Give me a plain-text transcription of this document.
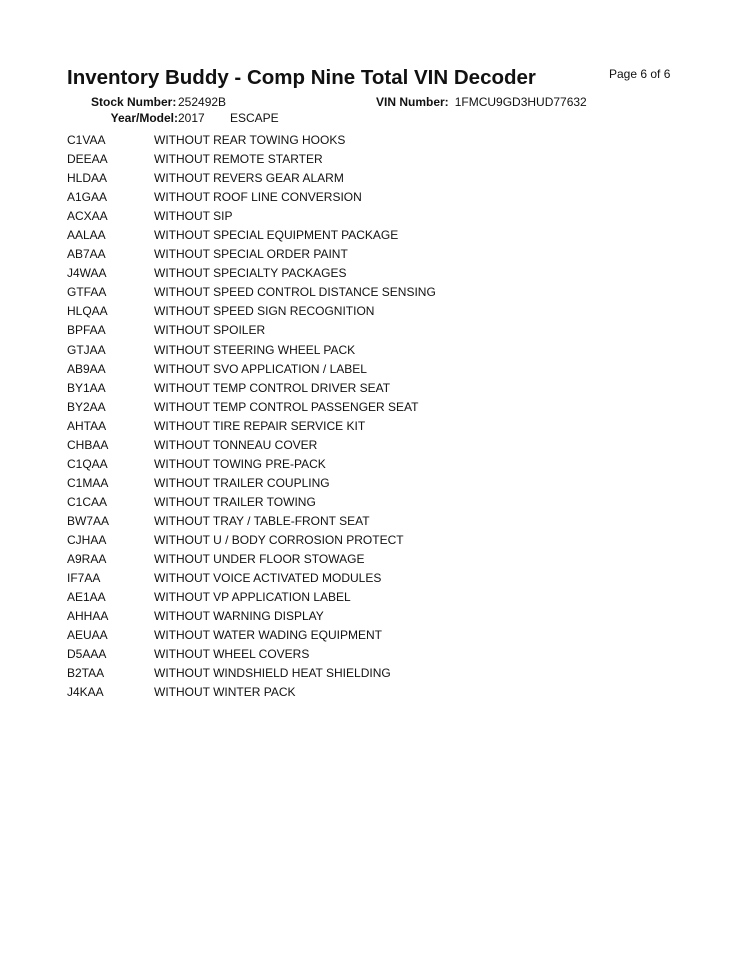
Inventory Buddy - Comp Nine Total VIN Decoder	Page 6 of 6
Stock Number: 252492B	VIN Number: 1FMCU9GD3HUD77632
Year/Model:2017 ESCAPE
C1VAA	WITHOUT REAR TOWING HOOKS
DEEAA	WITHOUT REMOTE STARTER
HLDAA	WITHOUT REVERS GEAR ALARM
A1GAA	WITHOUT ROOF LINE CONVERSION
ACXAA	WITHOUT SIP
AALAA	WITHOUT SPECIAL EQUIPMENT PACKAGE
AB7AA	WITHOUT SPECIAL ORDER PAINT
J4WAA	WITHOUT SPECIALTY PACKAGES
GTFAA	WITHOUT SPEED CONTROL DISTANCE SENSING
HLQAA	WITHOUT SPEED SIGN RECOGNITION
BPFAA	WITHOUT SPOILER
GTJAA	WITHOUT STEERING WHEEL PACK
AB9AA	WITHOUT SVO APPLICATION / LABEL
BY1AA	WITHOUT TEMP CONTROL DRIVER SEAT
BY2AA	WITHOUT TEMP CONTROL PASSENGER SEAT
AHTAA	WITHOUT TIRE REPAIR SERVICE KIT
CHBAA	WITHOUT TONNEAU COVER
C1QAA	WITHOUT TOWING PRE-PACK
C1MAA	WITHOUT TRAILER COUPLING
C1CAA	WITHOUT TRAILER TOWING
BW7AA	WITHOUT TRAY / TABLE-FRONT SEAT
CJHAA	WITHOUT U / BODY CORROSION PROTECT
A9RAA	WITHOUT UNDER FLOOR STOWAGE
IF7AA	WITHOUT VOICE ACTIVATED MODULES
AE1AA	WITHOUT VP APPLICATION LABEL
AHHAA	WITHOUT WARNING DISPLAY
AEUAA	WITHOUT WATER WADING EQUIPMENT
D5AAA	WITHOUT WHEEL COVERS
B2TAA	WITHOUT WINDSHIELD HEAT SHIELDING
J4KAA	WITHOUT WINTER PACK
